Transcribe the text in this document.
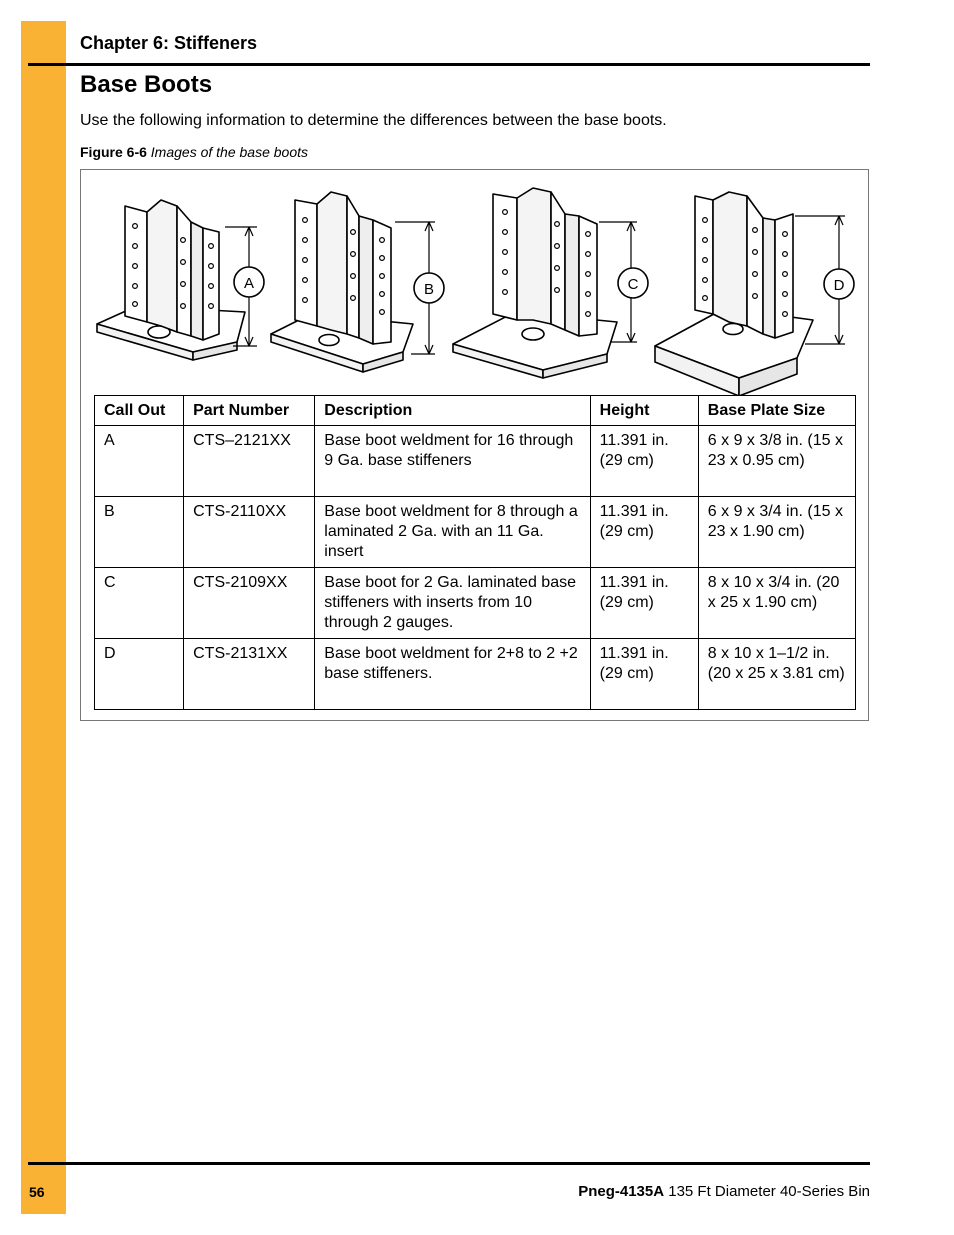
Chapter 6: Stiffeners
Base Boots
Use the following information to determine the differences between the base boots.
Figure 6-6 Images of the base boots
A	B	C	D
Call Out	Part Number	Description	Height	Base Plate Size
A	CTS–2121XX	Base boot weldment for 16 through 9 Ga. base stiffeners	11.391 in. (29 cm)	6 x 9 x 3/8 in. (15 x 23 x 0.95 cm)
B	CTS-2110XX	Base boot weldment for 8 through a laminated 2 Ga. with an 11 Ga. insert	11.391 in. (29 cm)	6 x 9 x 3/4 in. (15 x 23 x 1.90 cm)
C	CTS-2109XX	Base boot for 2 Ga. laminated base stiffeners with inserts from 10 through 2 gauges.	11.391 in. (29 cm)	8 x 10 x 3/4 in. (20 x 25 x 1.90 cm)
D	CTS-2131XX	Base boot weldment for 2+8 to 2 +2 base stiffeners.	11.391 in. (29 cm)	8 x 10 x 1–1/2 in. (20 x 25 x 3.81 cm)
56	Pneg-4135A 135 Ft Diameter 40-Series Bin
